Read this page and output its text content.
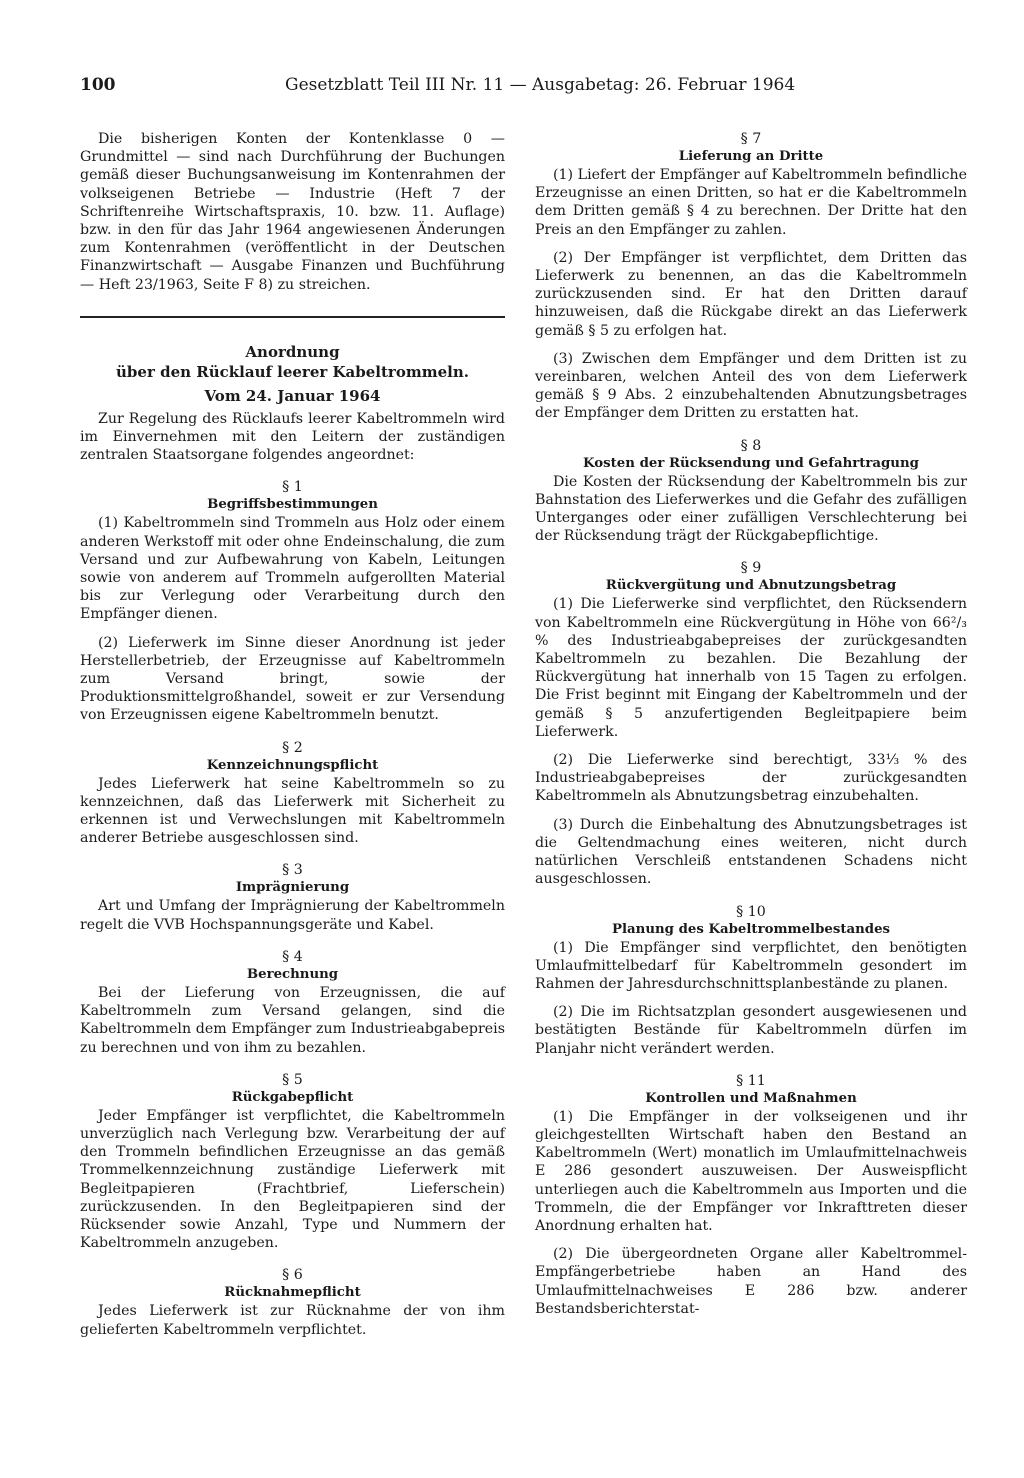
100	Gesetzblatt Teil III Nr. 11 — Ausgabetag: 26. Februar 1964

Die bisherigen Konten der Kontenklasse 0 — Grundmittel — sind nach Durchführung der Buchungen gemäß dieser Buchungsanweisung im Kontenrahmen der volkseigenen Betriebe — Industrie (Heft 7 der Schriftenreihe Wirtschaftspraxis, 10. bzw. 11. Auflage) bzw. in den für das Jahr 1964 angewiesenen Änderungen zum Kontenrahmen (veröffentlicht in der Deutschen Finanzwirtschaft — Ausgabe Finanzen und Buchführung — Heft 23/1963, Seite F 8) zu streichen.

Anordnung
über den Rücklauf leerer Kabeltrommeln.

Vom 24. Januar 1964

Zur Regelung des Rücklaufs leerer Kabeltrommeln wird im Einvernehmen mit den Leitern der zuständigen zentralen Staatsorgane folgendes angeordnet:

§ 1

Begriffsbestimmungen

(1) Kabeltrommeln sind Trommeln aus Holz oder einem anderen Werkstoff mit oder ohne Endeinschalung, die zum Versand und zur Aufbewahrung von Kabeln, Leitungen sowie von anderem auf Trommeln aufgerollten Material bis zur Verlegung oder Verarbeitung durch den Empfänger dienen.

(2) Lieferwerk im Sinne dieser Anordnung ist jeder Herstellerbetrieb, der Erzeugnisse auf Kabeltrommeln zum Versand bringt, sowie der Produktionsmittelgroßhandel, soweit er zur Versendung von Erzeugnissen eigene Kabeltrommeln benutzt.

§ 2

Kennzeichnungspflicht

Jedes Lieferwerk hat seine Kabeltrommeln so zu kennzeichnen, daß das Lieferwerk mit Sicherheit zu erkennen ist und Verwechslungen mit Kabeltrommeln anderer Betriebe ausgeschlossen sind.

§ 3

Imprägnierung

Art und Umfang der Imprägnierung der Kabeltrommeln regelt die VVB Hochspannungsgeräte und Kabel.

§ 4

Berechnung

Bei der Lieferung von Erzeugnissen, die auf Kabeltrommeln zum Versand gelangen, sind die Kabeltrommeln dem Empfänger zum Industrieabgabepreis zu berechnen und von ihm zu bezahlen.

§ 5

Rückgabepflicht

Jeder Empfänger ist verpflichtet, die Kabeltrommeln unverzüglich nach Verlegung bzw. Verarbeitung der auf den Trommeln befindlichen Erzeugnisse an das gemäß Trommelkennzeichnung zuständige Lieferwerk mit Begleitpapieren (Frachtbrief, Lieferschein) zurückzusenden. In den Begleitpapieren sind der Rücksender sowie Anzahl, Type und Nummern der Kabeltrommeln anzugeben.

§ 6

Rücknahmepflicht

Jedes Lieferwerk ist zur Rücknahme der von ihm gelieferten Kabeltrommeln verpflichtet.

§ 7

Lieferung an Dritte

(1) Liefert der Empfänger auf Kabeltrommeln befindliche Erzeugnisse an einen Dritten, so hat er die Kabeltrommeln dem Dritten gemäß § 4 zu berechnen. Der Dritte hat den Preis an den Empfänger zu zahlen.

(2) Der Empfänger ist verpflichtet, dem Dritten das Lieferwerk zu benennen, an das die Kabeltrommeln zurückzusenden sind. Er hat den Dritten darauf hinzuweisen, daß die Rückgabe direkt an das Lieferwerk gemäß § 5 zu erfolgen hat.

(3) Zwischen dem Empfänger und dem Dritten ist zu vereinbaren, welchen Anteil des von dem Lieferwerk gemäß § 9 Abs. 2 einzubehaltenden Abnutzungsbetrages der Empfänger dem Dritten zu erstatten hat.

§ 8

Kosten der Rücksendung und Gefahrtragung

Die Kosten der Rücksendung der Kabeltrommeln bis zur Bahnstation des Lieferwerkes und die Gefahr des zufälligen Unterganges oder einer zufälligen Verschlechterung bei der Rücksendung trägt der Rückgabepflichtige.

§ 9

Rückvergütung und Abnutzungsbetrag

(1) Die Lieferwerke sind verpflichtet, den Rücksendern von Kabeltrommeln eine Rückvergütung in Höhe von 66²/₃ % des Industrieabgabepreises der zurückgesandten Kabeltrommeln zu bezahlen. Die Bezahlung der Rückvergütung hat innerhalb von 15 Tagen zu erfolgen. Die Frist beginnt mit Eingang der Kabeltrommeln und der gemäß § 5 anzufertigenden Begleitpapiere beim Lieferwerk.

(2) Die Lieferwerke sind berechtigt, 33⅓ % des Industrieabgabepreises der zurückgesandten Kabeltrommeln als Abnutzungsbetrag einzubehalten.

(3) Durch die Einbehaltung des Abnutzungsbetrages ist die Geltendmachung eines weiteren, nicht durch natürlichen Verschleiß entstandenen Schadens nicht ausgeschlossen.

§ 10

Planung des Kabeltrommelbestandes

(1) Die Empfänger sind verpflichtet, den benötigten Umlaufmittelbedarf für Kabeltrommeln gesondert im Rahmen der Jahresdurchschnittsplanbestände zu planen.

(2) Die im Richtsatzplan gesondert ausgewiesenen und bestätigten Bestände für Kabeltrommeln dürfen im Planjahr nicht verändert werden.

§ 11

Kontrollen und Maßnahmen

(1) Die Empfänger in der volkseigenen und ihr gleichgestellten Wirtschaft haben den Bestand an Kabeltrommeln (Wert) monatlich im Umlaufmittelnachweis E 286 gesondert auszuweisen. Der Ausweispflicht unterliegen auch die Kabeltrommeln aus Importen und die Trommeln, die der Empfänger vor Inkrafttreten dieser Anordnung erhalten hat.

(2) Die übergeordneten Organe aller Kabeltrommel-Empfängerbetriebe haben an Hand des Umlaufmittelnachweises E 286 bzw. anderer Bestandsberichterstat-
